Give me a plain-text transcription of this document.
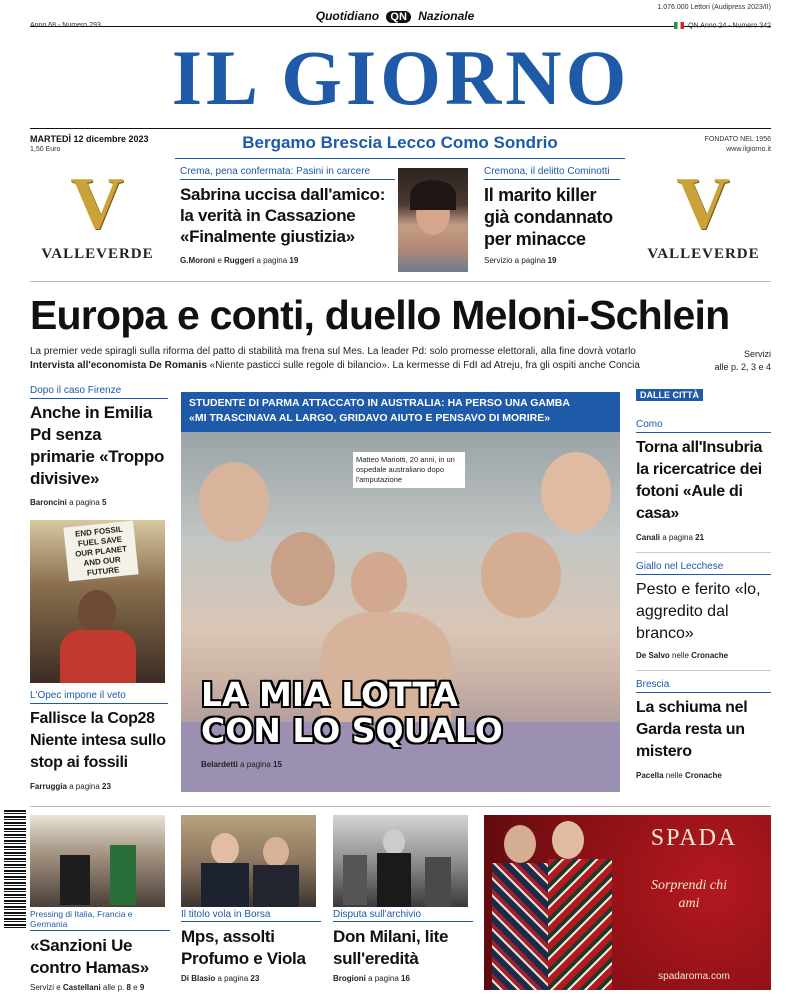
Quotidiano QN Nazionale
1.076.000 Lettori (Audipress 2023/II)
Anno 68 - Numero 293	QN Anno 24 - Numero 342
IL GIORNO
MARTEDÌ 12 dicembre 2023
1,50 Euro	Bergamo Brescia Lecco Como Sondrio	FONDATO NEL 1956
www.ilgiorno.it
V
VALLEVERDE
Crema, pena confermata: Pasini in carcere
Sabrina uccisa dall'amico: la verità in Cassazione «Finalmente giustizia»
G.Moroni e Ruggeri a pagina 19
Cremona, il delitto Cominotti
Il marito killer già condannato per minacce
Servizio a pagina 19
V
VALLEVERDE
Europa e conti, duello Meloni-Schlein
La premier vede spiragli sulla riforma del patto di stabilità ma frena sul Mes. La leader Pd: solo promesse elettorali, alla fine dovrà votarlo
Intervista all'economista De Romanis «Niente pasticci sulle regole di bilancio». La kermesse di FdI ad Atreju, fra gli ospiti anche Concia
Servizi
alle p. 2, 3 e 4
Dopo il caso Firenze
Anche in Emilia Pd senza primarie «Troppo divisive»
Baroncini a pagina 5
END FOSSIL FUEL SAVE OUR PLANET AND OUR FUTURE
L'Opec impone il veto
Fallisce la Cop28 Niente intesa sullo stop ai fossili
Farruggia a pagina 23
STUDENTE DI PARMA ATTACCATO IN AUSTRALIA: HA PERSO UNA GAMBA
«MI TRASCINAVA AL LARGO, GRIDAVO AIUTO E PENSAVO DI MORIRE»
Matteo Mariotti, 20 anni, in un ospedale australiano dopo l'amputazione
LA MIA LOTTA
CON LO SQUALO
Belardetti a pagina 15
DALLE CITTÀ
Como
Torna all'Insubria la ricercatrice dei fotoni «Aule di casa»
Canali a pagina 21
Giallo nel Lecchese
Pesto e ferito «lo, aggredito dal branco»
De Salvo nelle Cronache
Brescia
La schiuma nel Garda resta un mistero
Pacella nelle Cronache
Pressing di Italia, Francia e Germania
«Sanzioni Ue contro Hamas»
Servizi e Castellani alle p. 8 e 9
Il titolo vola in Borsa
Mps, assolti Profumo e Viola
Di Blasio a pagina 23
Disputa sull'archivio
Don Milani, lite sull'eredità
Brogioni a pagina 16
SPADA
Sorprendi chi ami
spadaroma.com
